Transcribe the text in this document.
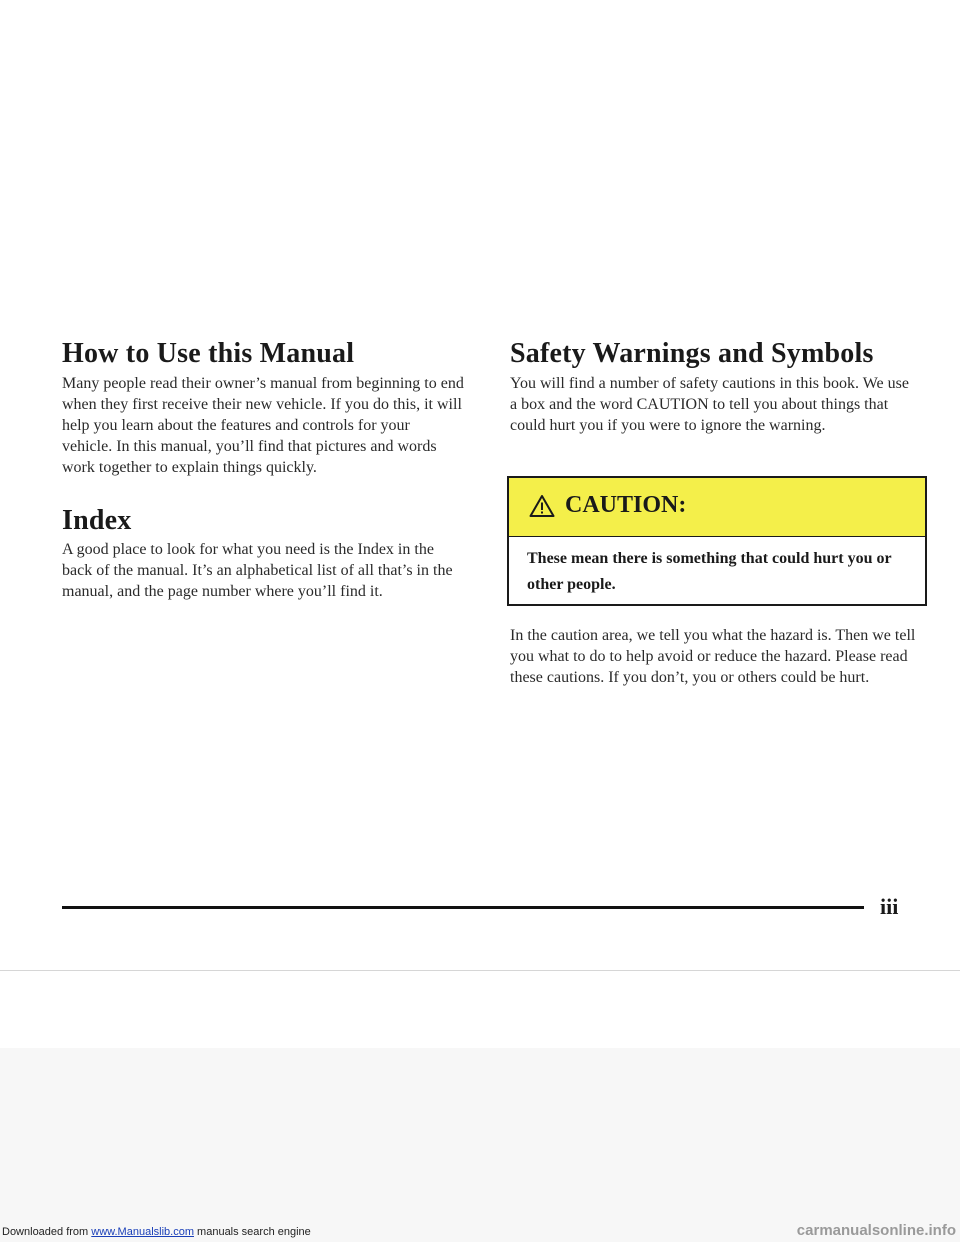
How to Use this Manual

Many people read their owner’s manual from beginning to end when they first receive their new vehicle. If you do this, it will help you learn about the features and controls for your vehicle. In this manual, you’ll find that pictures and words work together to explain things quickly.

Index

A good place to look for what you need is the Index in the back of the manual. It’s an alphabetical list of all that’s in the manual, and the page number where you’ll find it.

Safety Warnings and Symbols

You will find a number of safety cautions in this book. We use a box and the word CAUTION to tell you about things that could hurt you if you were to ignore the warning.

CAUTION:
These mean there is something that could hurt you or other people.

In the caution area, we tell you what the hazard is. Then we tell you what to do to help avoid or reduce the hazard. Please read these cautions. If you don’t, you or others could be hurt.

iii
Downloaded from www.Manualslib.com manuals search engine	carmanualsonline.info
